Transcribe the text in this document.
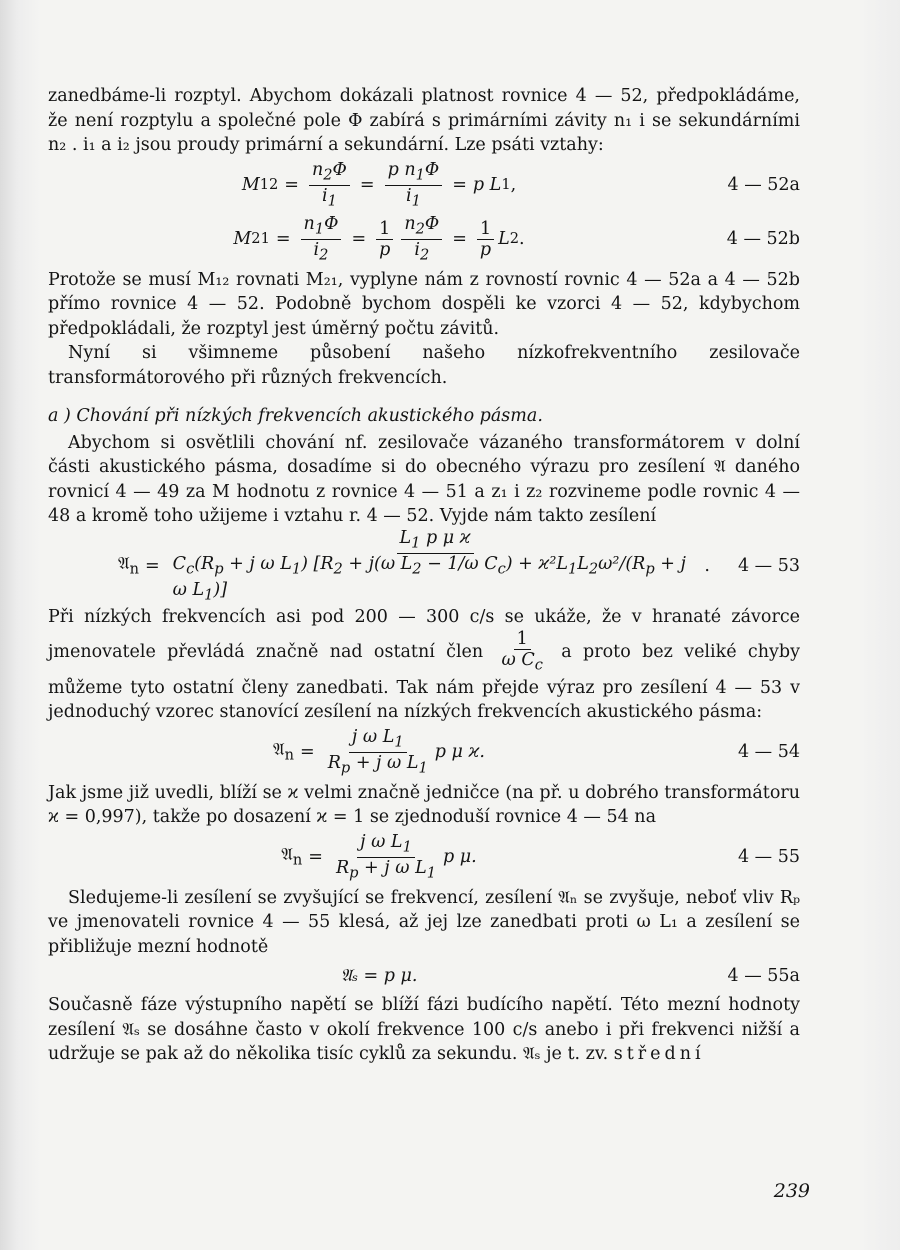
zanedbáme-li rozptyl. Abychom dokázali platnost rovnice 4 — 52, předpokládáme, že není rozptylu a společné pole Φ zabírá s primárními závity n₁ i se sekundárními n₂ . i₁ a i₂ jsou proudy primární a sekundární. Lze psáti vztahy:

M $12 = \frac{n_2\Phi}{i_1} = \frac{p n_1\Phi}{i_1} = p$ L 1 ,	4 — 52a
M $21 = \frac{n_1\Phi}{i_2} = \frac{1}{p} \frac{n_2\Phi}{i_2} = \frac{1}{p}$ L 2 .	4 — 52b

Protože se musí M₁₂ rovnati M₂₁, vyplyne nám z rovností rovnic 4 — 52a a 4 — 52b přímo rovnice 4 — 52. Podobně bychom dospěli ke vzorci 4 — 52, kdybychom předpokládali, že rozptyl jest úměrný počtu závitů.

Nyní si všimneme působení našeho nízkofrekventního zesilovače transformátorového při různých frekvencích.

a ) Chování při nízkých frekvencích akustického pásma.

Abychom si osvětlili chování nf. zesilovače vázaného transformátorem v dolní části akustického pásma, dosadíme si do obecného výrazu pro zesílení 𝔄 daného rovnicí 4 — 49 za M hodnotu z rovnice 4 — 51 a z₁ i z₂ rozvineme podle rovnic 4 — 48 a kromě toho užijeme i vztahu r. 4 — 52. Vyjde nám takto zesílení

𝔄$_n$ =
$L_1$ p μ ϰ
$C_c(R_p + j$ ω $L_1$) [$R_2 + j(\omega$ $L_2 - 1/\omega$ $C_c) + ϰ^2L_1L_2\omega^2/(R_p + j$ ω $L_1$)]
. 4 — 53

Při nízkých frekvencích asi pod 200 — 300 c/s se ukáže, že v hranaté závorce jmenovatele převládá značně nad ostatní člen $\frac{1}{\omega C_c}$ a proto bez veliké chyby můžeme tyto ostatní členy zanedbati. Tak nám přejde výraz pro zesílení 4 — 53 v jednoduchý vzorec stanovící zesílení na nízkých frekvencích akustického pásma:

𝔄$_n$ = $\frac{j \omega L_1}{R_p + j \omega L_1}$ p μ ϰ.	4 — 54

Jak jsme již uvedli, blíží se ϰ velmi značně jedničce (na př. u dobrého transformátoru ϰ = 0,997), takže po dosazení ϰ = 1 se zjednoduší rovnice 4 — 54 na

𝔄$_n$ = $\frac{j \omega L_1}{R_p + j \omega L_1}$ p μ.	4 — 55

Sledujeme-li zesílení se zvyšující se frekvencí, zesílení 𝔄ₙ se zvyšuje, neboť vliv Rₚ ve jmenovateli rovnice 4 — 55 klesá, až jej lze zanedbati proti ω L₁ a zesílení se přibližuje mezní hodnotě

𝔄ₛ = p μ.	4 — 55a

Současně fáze výstupního napětí se blíží fázi budícího napětí. Této mezní hodnoty zesílení 𝔄ₛ se dosáhne často v okolí frekvence 100 c/s anebo i při frekvenci nižší a udržuje se pak až do několika tisíc cyklů za sekundu. 𝔄ₛ je t. zv. střední

239
